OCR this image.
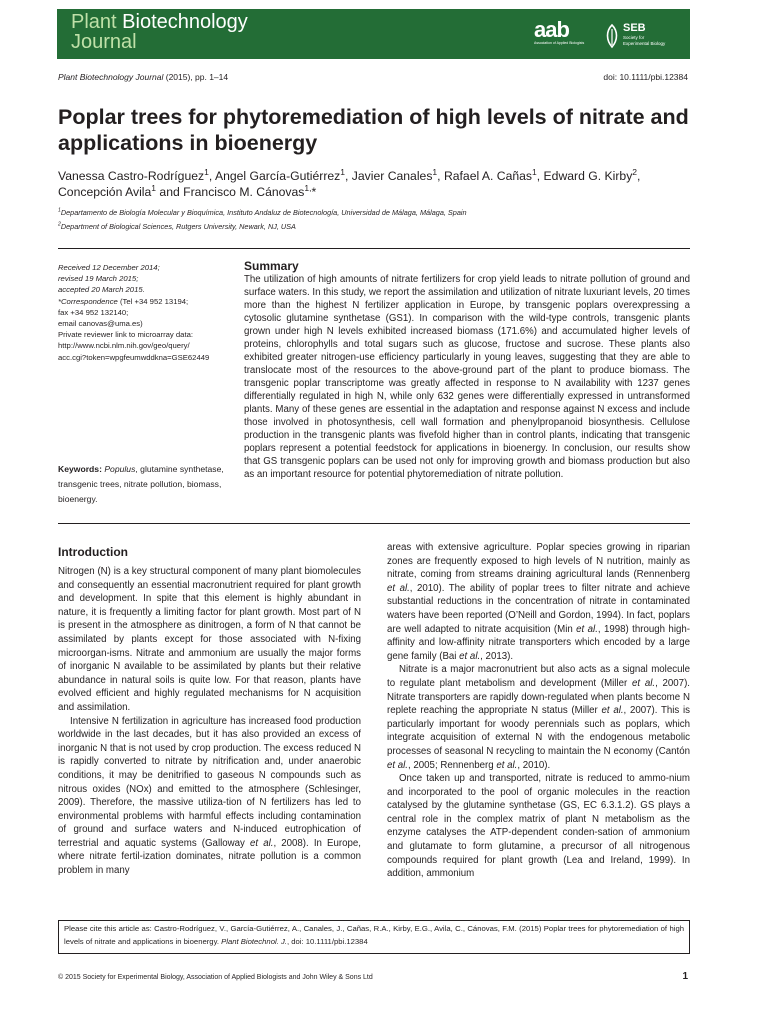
Plant Biotechnology
Journal	aab
Association of Applied Biologists
SEB
Society for
Experimental Biology
Plant Biotechnology Journal (2015), pp. 1–14	doi: 10.1111/pbi.12384
Poplar trees for phytoremediation of high levels of nitrate and applications in bioenergy
Vanessa Castro-Rodríguez$^1$, Angel García-Gutiérrez$^1$, Javier Canales$^1$, Rafael A. Cañas$^1$, Edward G. Kirby$^2$, Concepción Avila$^1$ and Francisco M. Cánovas$^{1,}$*
$^1$Departamento de Biología Molecular y Bioquímica, Instituto Andaluz de Biotecnología, Universidad de Málaga, Málaga, Spain
$^2$Department of Biological Sciences, Rutgers University, Newark, NJ, USA
Received 12 December 2014;
revised 19 March 2015;
accepted 20 March 2015.
*Correspondence (Tel +34 952 13194;
fax +34 952 132140;
email canovas@uma.es)
Private reviewer link to microarray data:
http://www.ncbi.nlm.nih.gov/geo/query/
acc.cgi?token=wpgfeumwddkna=GSE62449
Keywords: Populus, glutamine synthetase, transgenic trees, nitrate pollution, biomass, bioenergy.
Summary

The utilization of high amounts of nitrate fertilizers for crop yield leads to nitrate pollution of ground and surface waters. In this study, we report the assimilation and utilization of nitrate luxuriant levels, 20 times more than the highest N fertilizer application in Europe, by transgenic poplars overexpressing a cytosolic glutamine synthetase (GS1). In comparison with the wild-type controls, transgenic plants grown under high N levels exhibited increased biomass (171.6%) and accumulated higher levels of proteins, chlorophylls and total sugars such as glucose, fructose and sucrose. These plants also exhibited greater nitrogen-use efficiency particularly in young leaves, suggesting that they are able to translocate most of the resources to the above-ground part of the plant to produce biomass. The transgenic poplar transcriptome was greatly affected in response to N availability with 1237 genes differentially regulated in high N, while only 632 genes were differentially expressed in untransformed plants. Many of these genes are essential in the adaptation and response against N excess and include those involved in photosynthesis, cell wall formation and phenylpropanoid biosynthesis. Cellulose production in the transgenic plants was fivefold higher than in control plants, indicating that transgenic poplars represent a potential feedstock for applications in bioenergy. In conclusion, our results show that GS transgenic poplars can be used not only for improving growth and biomass production but also as an important resource for potential phytoremediation of nitrate pollution.

Introduction

Nitrogen (N) is a key structural component of many plant biomolecules and consequently an essential macronutrient required for plant growth and development. In spite that this element is highly abundant in nature, it is frequently a limiting factor for plant growth. Most part of N is present in the atmosphere as dinitrogen, a form of N that cannot be assimilated by plants except for those associated with N-fixing microorgan-isms. Nitrate and ammonium are usually the major forms of inorganic N available to be assimilated by plants but their relative abundance in natural soils is quite low. For that reason, plants have evolved efficient and highly regulated mechanisms for N acquisition and assimilation.

Intensive N fertilization in agriculture has increased food production worldwide in the last decades, but it has also provided an excess of inorganic N that is not used by crop production. The excess reduced N is rapidly converted to nitrate by nitrification and, under anaerobic conditions, it may be denitrified to gaseous N compounds such as nitrous oxides (NOx) and emitted to the atmosphere (Schlesinger, 2009). Therefore, the massive utiliza-tion of N fertilizers has led to environmental problems with harmful effects including contamination of ground and surface waters and N-induced eutrophication of terrestrial and aquatic systems (Galloway et al., 2008). In Europe, where nitrate fertil-ization dominates, nitrate pollution is a common problem in many

areas with extensive agriculture. Poplar species growing in riparian zones are frequently exposed to high levels of N nutrition, mainly as nitrate, coming from streams draining agricultural lands (Rennenberg et al., 2010). The ability of poplar trees to filter nitrate and achieve substantial reductions in the concentration of nitrate in contaminated waters have been reported (O’Neill and Gordon, 1994). In fact, poplars are well adapted to nitrate acquisition (Min et al., 1998) through high-affinity and low-affinity nitrate transporters which encoded by a large gene family (Bai et al., 2013).

Nitrate is a major macronutrient but also acts as a signal molecule to regulate plant metabolism and development (Miller et al., 2007). Nitrate transporters are rapidly down-regulated when plants become N replete reaching the appropriate N status (Miller et al., 2007). This is particularly important for woody perennials such as poplars, which integrate acquisition of external N with the endogenous metabolic processes of seasonal N recycling to maintain the N economy (Cantón et al., 2005; Rennenberg et al., 2010).

Once taken up and transported, nitrate is reduced to ammo-nium and incorporated to the pool of organic molecules in the reaction catalysed by the glutamine synthetase (GS, EC 6.3.1.2). GS plays a central role in the complex matrix of plant N metabolism as the enzyme catalyses the ATP-dependent conden-sation of ammonium and glutamate to form glutamine, a precursor of all nitrogenous compounds required for plant growth (Lea and Ireland, 1999). In addition, ammonium

Please cite this article as: Castro-Rodríguez, V., García-Gutiérrez, A., Canales, J., Cañas, R.A., Kirby, E.G., Avila, C., Cánovas, F.M. (2015) Poplar trees for phytoremediation of high levels of nitrate and applications in bioenergy. Plant Biotechnol. J., doi: 10.1111/pbi.12384
© 2015 Society for Experimental Biology, Association of Applied Biologists and John Wiley & Sons Ltd	1
